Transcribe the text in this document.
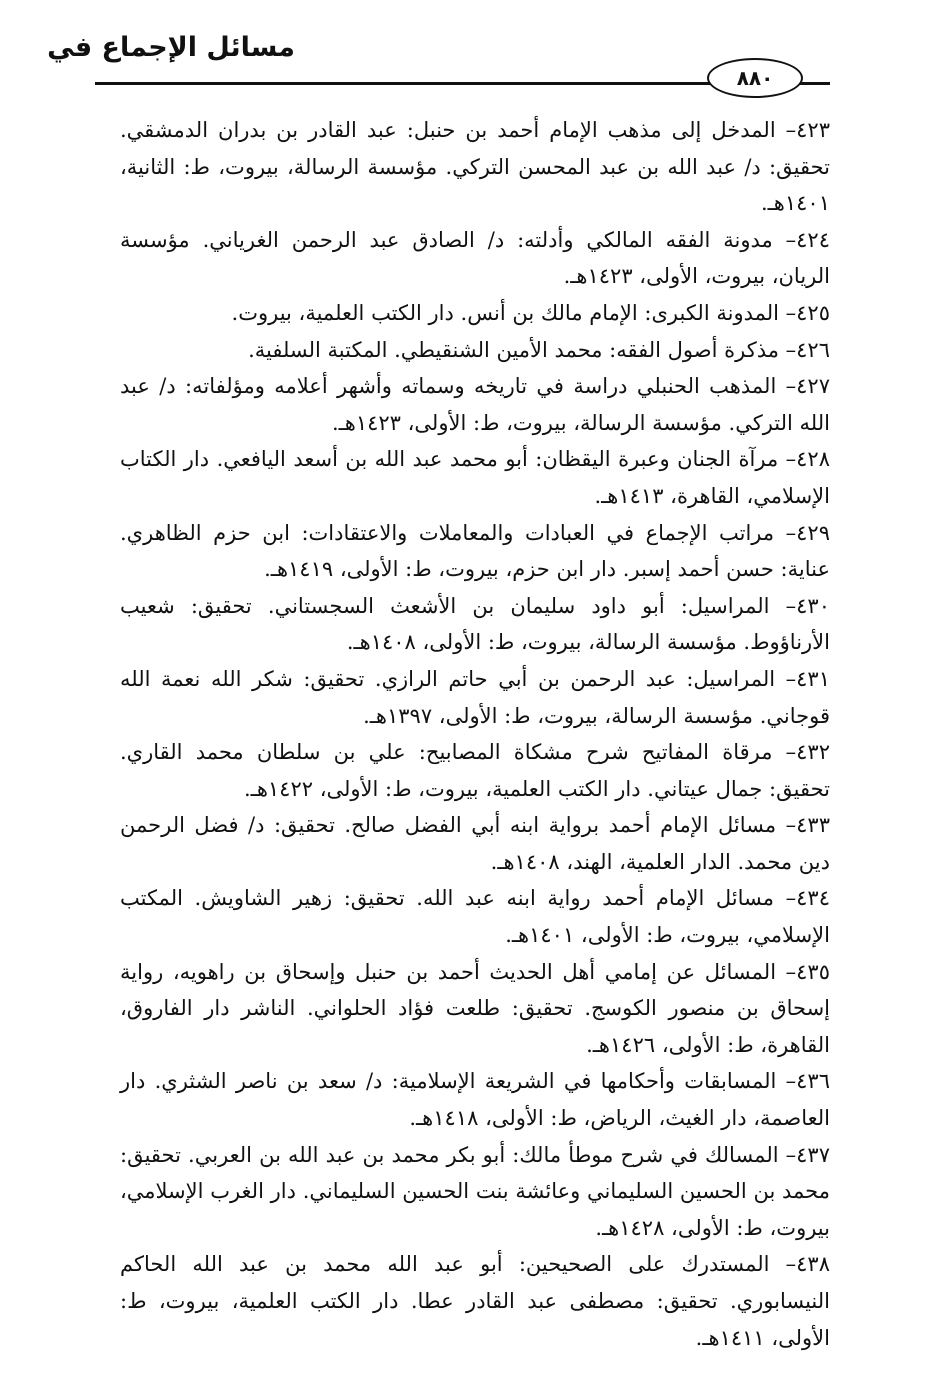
مسائل الإجماع في
٨٨٠

٤٢٣– المدخل إلى مذهب الإمام أحمد بن حنبل: عبد القادر بن بدران الدمشقي. تحقيق: د/ عبد الله بن عبد المحسن التركي. مؤسسة الرسالة، بيروت، ط: الثانية، ١٤٠١هـ.

٤٢٤– مدونة الفقه المالكي وأدلته: د/ الصادق عبد الرحمن الغرياني. مؤسسة الريان، بيروت، الأولى، ١٤٢٣هـ.

٤٢٥– المدونة الكبرى: الإمام مالك بن أنس. دار الكتب العلمية، بيروت.

٤٢٦– مذكرة أصول الفقه: محمد الأمين الشنقيطي. المكتبة السلفية.

٤٢٧– المذهب الحنبلي دراسة في تاريخه وسماته وأشهر أعلامه ومؤلفاته: د/ عبد الله التركي. مؤسسة الرسالة، بيروت، ط: الأولى، ١٤٢٣هـ.

٤٢٨– مرآة الجنان وعبرة اليقظان: أبو محمد عبد الله بن أسعد اليافعي. دار الكتاب الإسلامي، القاهرة، ١٤١٣هـ.

٤٢٩– مراتب الإجماع في العبادات والمعاملات والاعتقادات: ابن حزم الظاهري. عناية: حسن أحمد إسبر. دار ابن حزم، بيروت، ط: الأولى، ١٤١٩هـ.

٤٣٠– المراسيل: أبو داود سليمان بن الأشعث السجستاني. تحقيق: شعيب الأرناؤوط. مؤسسة الرسالة، بيروت، ط: الأولى، ١٤٠٨هـ.

٤٣١– المراسيل: عبد الرحمن بن أبي حاتم الرازي. تحقيق: شكر الله نعمة الله قوجاني. مؤسسة الرسالة، بيروت، ط: الأولى، ١٣٩٧هـ.

٤٣٢– مرقاة المفاتيح شرح مشكاة المصابيح: علي بن سلطان محمد القاري. تحقيق: جمال عيتاني. دار الكتب العلمية، بيروت، ط: الأولى، ١٤٢٢هـ.

٤٣٣– مسائل الإمام أحمد برواية ابنه أبي الفضل صالح. تحقيق: د/ فضل الرحمن دين محمد. الدار العلمية، الهند، ١٤٠٨هـ.

٤٣٤– مسائل الإمام أحمد رواية ابنه عبد الله. تحقيق: زهير الشاويش. المكتب الإسلامي، بيروت، ط: الأولى، ١٤٠١هـ.

٤٣٥– المسائل عن إمامي أهل الحديث أحمد بن حنبل وإسحاق بن راهويه، رواية إسحاق بن منصور الكوسج. تحقيق: طلعت فؤاد الحلواني. الناشر دار الفاروق، القاهرة، ط: الأولى، ١٤٢٦هـ.

٤٣٦– المسابقات وأحكامها في الشريعة الإسلامية: د/ سعد بن ناصر الشثري. دار العاصمة، دار الغيث، الرياض، ط: الأولى، ١٤١٨هـ.

٤٣٧– المسالك في شرح موطأ مالك: أبو بكر محمد بن عبد الله بن العربي. تحقيق: محمد بن الحسين السليماني وعائشة بنت الحسين السليماني. دار الغرب الإسلامي، بيروت، ط: الأولى، ١٤٢٨هـ.

٤٣٨– المستدرك على الصحيحين: أبو عبد الله محمد بن عبد الله الحاكم النيسابوري. تحقيق: مصطفى عبد القادر عطا. دار الكتب العلمية، بيروت، ط: الأولى، ١٤١١هـ.
